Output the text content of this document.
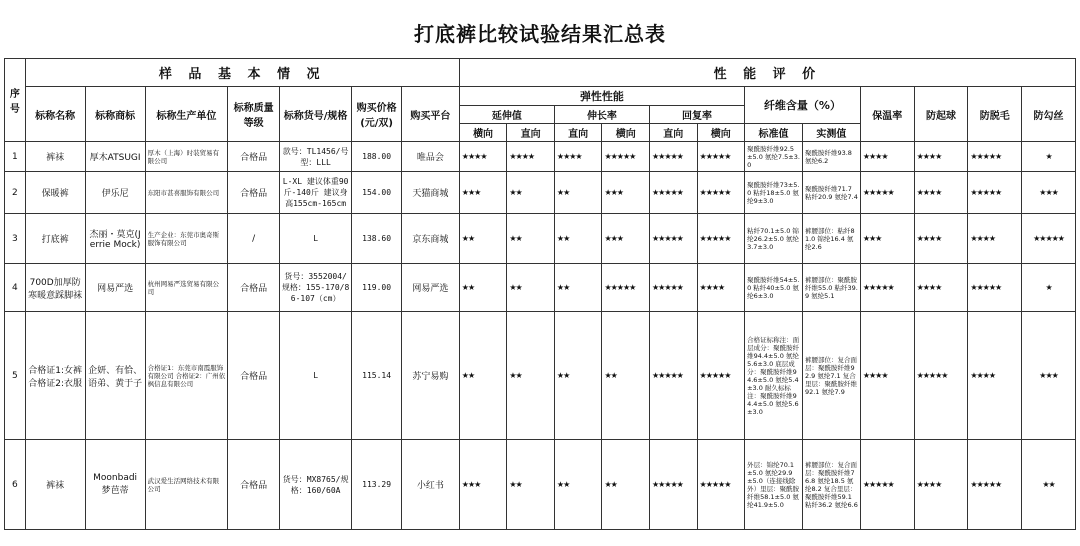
打底裤比较试验结果汇总表
序号	样 品 基 本 情 况							性 能 评 价											
	标称名称	标称商标	标称生产单位	标称质量等级	标称货号/规格	购买价格(元/双)	购买平台	弹性性能						纤维含量（%）		保温率	防起球	防脱毛	防勾丝
								延伸值		伸长率		回复率							
								横向	直向	直向	横向	直向	横向	标准值	实测值				
1	裤袜	厚木ATSUGI	厚木（上海）时装贸易有限公司	合格品	款号：TL1456/号型：LLL	188.00	唯品会	★★★★	★★★★	★★★★	★★★★★	★★★★★	★★★★★	聚酰胺纤维92.5±5.0 氨纶7.5±3.0	聚酰胺纤维93.8 氨纶6.2	★★★★	★★★★	★★★★★	★
2	保暖裤	伊乐尼	东阳市甚喜服饰有限公司	合格品	L-XL 建议体重90斤-140斤 建议身高155cm-165cm	154.00	天猫商城	★★★	★★	★★	★★★	★★★★★	★★★★★	聚酰胺纤维73±5.0 粘纤18±5.0 氨纶9±3.0	聚酰胺纤维71.7 粘纤20.9 氨纶7.4	★★★★★	★★★★	★★★★★	★★★
3	打底裤	杰丽・莫克(Jerrie Mock)	生产企业：东莞市奥奇斯服饰有限公司	/	L	138.60	京东商城	★★	★★	★★	★★★	★★★★★	★★★★★	粘纤70.1±5.0 锦纶26.2±5.0 氨纶3.7±3.0	裤腰部位：粘纤81.0 锦纶16.4 氨纶2.6	★★★	★★★★	★★★★	★★★★★
4	700D加厚防寒暖意踩脚袜	网易严选	杭州网易严选贸易有限公司	合格品	货号：3552004/规格：155-170/86-107（cm）	119.00	网易严选	★★	★★	★★	★★★★★	★★★★★	★★★★	聚酰胺纤维54±5.0 粘纤40±5.0 氨纶6±3.0	裤腰部位：聚酰胺纤维55.0 粘纤39.9 氨纶5.1	★★★★★	★★★★	★★★★★	★
5	合格证1:女裤 合格证2:衣服	企妍、有恰、语弟、黄于子	合格证1：东莞市南霞服饰有限公司 合格证2：广州依枫信息有限公司	合格品	L	115.14	苏宁易购	★★	★★	★★	★★	★★★★★	★★★★★	合格证标称注：面层成分：聚酰胺纤维94.4±5.0 氨纶5.6±3.0 底层成分：聚酰胺纤维94.6±5.0 氨纶5.4±3.0 耐久标标注：聚酰胺纤维94.4±5.0 氨纶5.6±3.0	裤腰部位：复合面层：聚酰胺纤维92.9 氨纶7.1 复合里层：聚酰胺纤维92.1 氨纶7.9	★★★★	★★★★★	★★★★	★★★
6	裤袜	Moonbadi 梦芭蒂	武汉爱生活网络技术有限公司	合格品	货号：MX8765/规格：160/60A	113.29	小红书	★★★	★★	★★	★★	★★★★★	★★★★★	外层：锦纶70.1±5.0 氨纶29.9±5.0（连接线除外）里层：聚酰胺纤维58.1±5.0 氨纶41.9±5.0	裤腰部位：复合面层：聚酰胺纤维76.8 氨纶18.5 氨纶8.2 复合里层：聚酰胺纤维59.1 粘纤36.2 氨纶6.6	★★★★★	★★★★	★★★★★	★★
